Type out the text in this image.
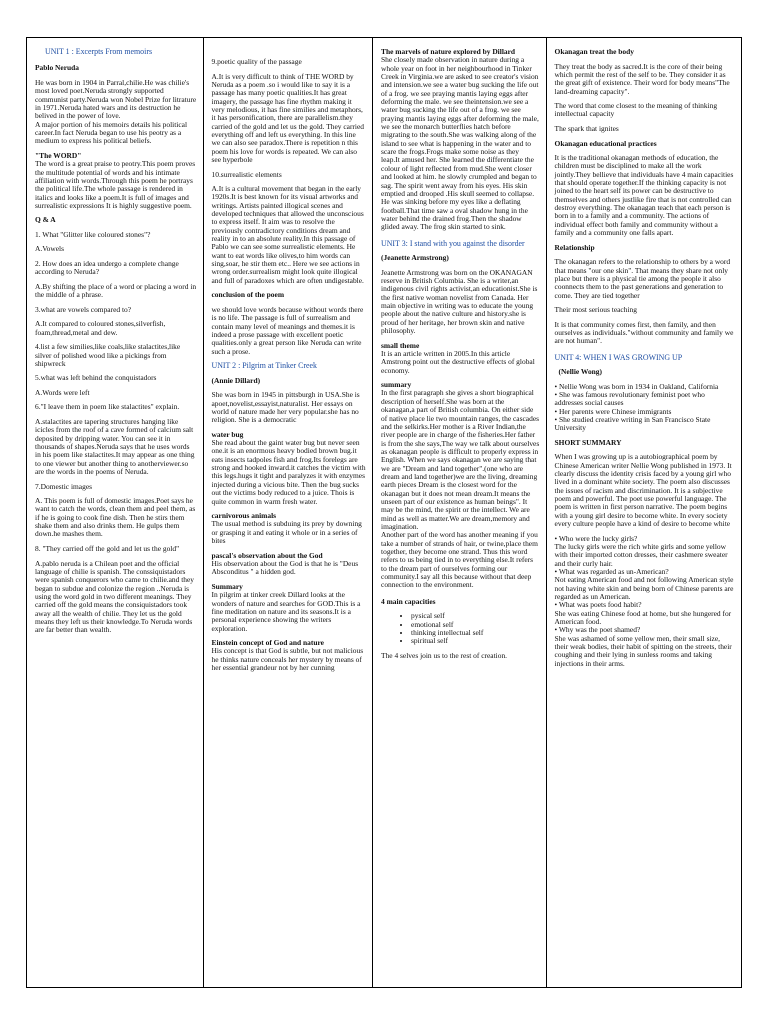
UNIT 1 : Excerpts From memoirs

Pablo Neruda

He was born in 1904 in Parral,chilie.He was chilie's most loved poet.Neruda strongly supported communist party.Neruda won Nobel Prize for litrature in 1971.Neruda hated wars and its destruction he belived in the power of love.

A major portion of his memoirs details his political career.In fact Neruda began to use his peotry as a medium to express his political beliefs.

"The WORD"

The word is a great praise to peotry.This poem proves the multitude potential of words and his intimate affiliation with words.Through this poem he portrays the political life.The whole passage is rendered in italics and looks like a poem.It is full of images and surrealistic expressions It is highly suggestive poem.

Q & A

1. What "Glitter like coloured stones"?

A.Vowels

2. How does an idea undergo a complete change according to Neruda?

A.By shifting the place of a word or placing a word in the middle of a phrase.

3.what are vowels compared to?

A.It compared to coloured stones,silverfish, foam,thread,metal and dew.

4.list a few similies,like coals,like stalactites,like silver of polished wood like a pickings from shipwreck

5.what was left behind the conquistadors

A.Words were left

6."I leave them in poem like stalactites" explain.

A.stalactites are tapering structures hanging like icicles from the roof of a cave formed of calcium salt deposited by dripping water. You can see it in thousands of shapes.Neruda says that he uses words in his poem like stalactites.It may appear as one thing to one viewer but another thing to anotherviewer.so are the words in the poems of Neruda.

7.Domestic images

A. This poem is full of domestic images.Poet says he want to catch the words, clean them and peel them, as if he is going to cook fine dish. Then he stirs them shake them and also drinks them. He gulps them down.he mashes them.

8. "They carried off the gold and let us the gold"

A.pablo neruda is a Chilean poet and the official language of chilie is spanish. The conssiquistadors were spanish conquerors who came to chilie.and they began to subdue and colonize the region ..Neruda is using the word gold in two different meanings. They carried off the gold means the consiquistadors took away all the wealth of chilie. They let us the gold means they left us their knowledge.To Neruda words are far better than wealth.

9.poetic quality of the passage

A.It is very difficult to think of THE WORD by Neruda as a poem .so i would like to say it is a passage has many poetic qualities.It has great imagery, the passage has fine rhythm making it very melodious, it has fine similies and metaphors, it has personification, there are parallelism.they carried of the gold and let us the gold. They carried everything off and left us everything. In this line we can also see paradox.There is repetition n this poem his love for words is repeated. We can also see hyperbole

10.surrealistic elements

A.It is a cultural movement that began in the early 1920s.It is best known for its visual artworks and writings. Artists painted illogical scenes and developed techniques that allowed the unconscious to express itself. It aim was to resolve the previously contradictory conditions dream and reality in to an absolute reality.In this passage of Pablo we can see some surrealistic elements. He want to eat words like olives,to him words can sing,soar, he stir them etc.. Here we see actions in wrong order.surrealism might look quite illogical and full of paradoxes which are often undigestable.

conclusion of the poem

we should love words because without words there is no life. The passage is full of surrealism and contain many level of meanings and themes.it is indeed a prose passage with excellent poetic qualities.only a great person like Neruda can write such a prose.

UNIT 2 : Pilgrim at Tinker Creek

(Annie Dillard)

She was born in 1945 in pittsburgh in USA.She is apoet,novelist,essayist,naturalist. Her essays on world of nature made her very popular.she has no religion. She is a democratic

water bug

She read about the gaint water bug but never seen one.it is an enormous heavy bodied brown bug.it eats insects tadpoles fish and frog.Its forelegs are strong and hooked inward.it catches the victim with this legs.hugs it tight and paralyzes it with enzymes injected during a vicious bite. Then the bug sucks out the victims body reduced to a juice. Thois is quite common in warm fresh water.

carnivorous animals

The usual method is subduing its prey by downing or grasping it and eating it whole or in a series of bites

pascal's observation about the God

His observation about the God is that he is "Deus Absconditus " a hidden god.

Summary

In pilgrim at tinker creek Dillard looks at the wonders of nature and searches for GOD.This is a fine meditation on nature and its seasons.It is a personal experience showing the writers exploration.

Einstein concept of God and nature

His concept is that God is subtle, but not malicious he thinks nature conceals her mystery by means of her essential grandeur not by her cunning

The marvels of nature explored by Dillard

She closely made observation in nature during a whole year on foot in her neighbourhood in Tinker Creek in Virginia.we are asked to see creator's vision and intension.we see a water bug sucking the life out of a frog. we see praying mantis laying eggs after deforming the male. we see theintension.we see a water bug sucking the life out of a frog. we see praying mantis laying eggs after deforming the male, we see the monarch butterflies hatch before migrating to the south.She was walking along of the island to see what is happening in the water and to scare the frogs.Frogs make some noise as they leap.It amused her. She learned the differentiate the colour of light reflected from mud.She went closer and looked at him. he slowly crumpled and began to sag. The spirit went away from his eyes. His skin emptied and drooped .His skull seemed to collapse. He was sinking before my eyes like a deflating football.That time saw a oval shadow hung in the water behind the drained frog.Then the shadow glided away. The frog skin started to sink.

UNIT 3: I stand with you against the disorder

(Jeanette Armstrong)

Jeanette Armstrong was born on the OKANAGAN reserve in British Columbia. She is a writer,an indigenous civil rights activist,an educationist.She is the first native woman novelist from Canada. Her main objective in writing was to educate the young people about the native culture and history.she is proud of her heritage, her brown skin and native philosophy.

small theme

It is an article written in 2005.In this article Amstrong point out the destructive effects of global economy.

summary

In the first paragraph she gives a short biographical description of herself.She was born at the okanagan,a part of British columbia. On either side of native place lie two mountain ranges, the cascades and the selkirks.Her mother is a River Indian,the river people are in charge of the fisheries.Her father is from the she says,The way we talk about ourselves as okanagan people is difficult to properly express in English. When we says okanagan we are saying that we are "Dream and land together".(one who are dream and land together)we are the living, dreaming earth pieces Dream is the closest word for the okanagan but it does not mean dream.It means the unseen part of our existence as human beings". It may be the mind, the spirit or the intellect. We are mind as well as matter.We are dream,memory and imagination.

Another part of the word has another meaning if you take a number of strands of hair, or twine,place them together, they become one strand. Thus this word refers to us being tied in to everything else.It refers to the dream part of ourselves forming our community.I say all this because without that deep connection to the environment.

4 main capacities

• pysical self
• emotional self
• thinking intellectual self
• spiritual self

The 4 selves join us to the rest of creation.

Okanagan treat the body

They treat the body as sacred.It is the core of their being which permit the rest of the self to be. They consider it as the great gift of existence. Their word for body means"The land-dreaming capacity".

The word that come closest to the meaning of thinking intellectual capacity

The spark that ignites

Okanagan educational practices

It is the traditional okanagan methods of education, the children must be disciplined to make all the work jointly.They bellieve that individuals have 4 main capacities that should operate together.If the thinking capacity is not joined to the heart self its power can be destructive to themselves and others justlike fire that is not controlled can destroy everything. The okanagan teach that each person is born in to a family and a community. The actions of individual effect both family and community without a family and a community one falls apart.

Relationship

The okanagan refers to the relationship to others by a word that means "our one skin". That means they share not only place but there is a physical tie among the people it also coonnects them to the past generations and generation to come. They are tied together

Their most serious teaching

It is that community comes first, then family, and then ourselves as individuals."without community and family we are not human".

UNIT 4: WHEN I WAS GROWING UP

(Nellie Wong)

• Nellie Wong was born in 1934 in Oakland, California
• She was famous revolutionary feminist poet who addresses social causes
• Her parents were Chinese immigrants
• She studied creative writing in San Francisco State University

SHORT SUMMARY

When I was growing up is a autobiographical poem by Chinese American writer Nellie Wong published in 1973. It clearly discuss the identity crisis faced by a young girl who lived in a dominant white society. The poem also discusses the issues of racism and discrimination. It is a subjective poem and powerful. The poet use powerful language. The poem is written in first person narrative. The poem begins with a young girl desire to become white. In every society every culture people have a kind of desire to become white

• Who were the lucky girls?
The lucky girls were the rich white girls and some yellow with their imported cotton dresses, their cashmere sweater and their curly hair.
• What was regarded as un-American?
Not eating American food and not following American style not having white skin and being born of Chinese parents are regarded as un American.
• What was poets food habit?
She was eating Chinese food at home, but she hungered for American food.
• Why was the poet shamed?
She was ashamed of some yellow men, their small size, their weak bodies, their habit of spitting on the streets, their coughing and their lying in sunless rooms and taking injections in their arms.
